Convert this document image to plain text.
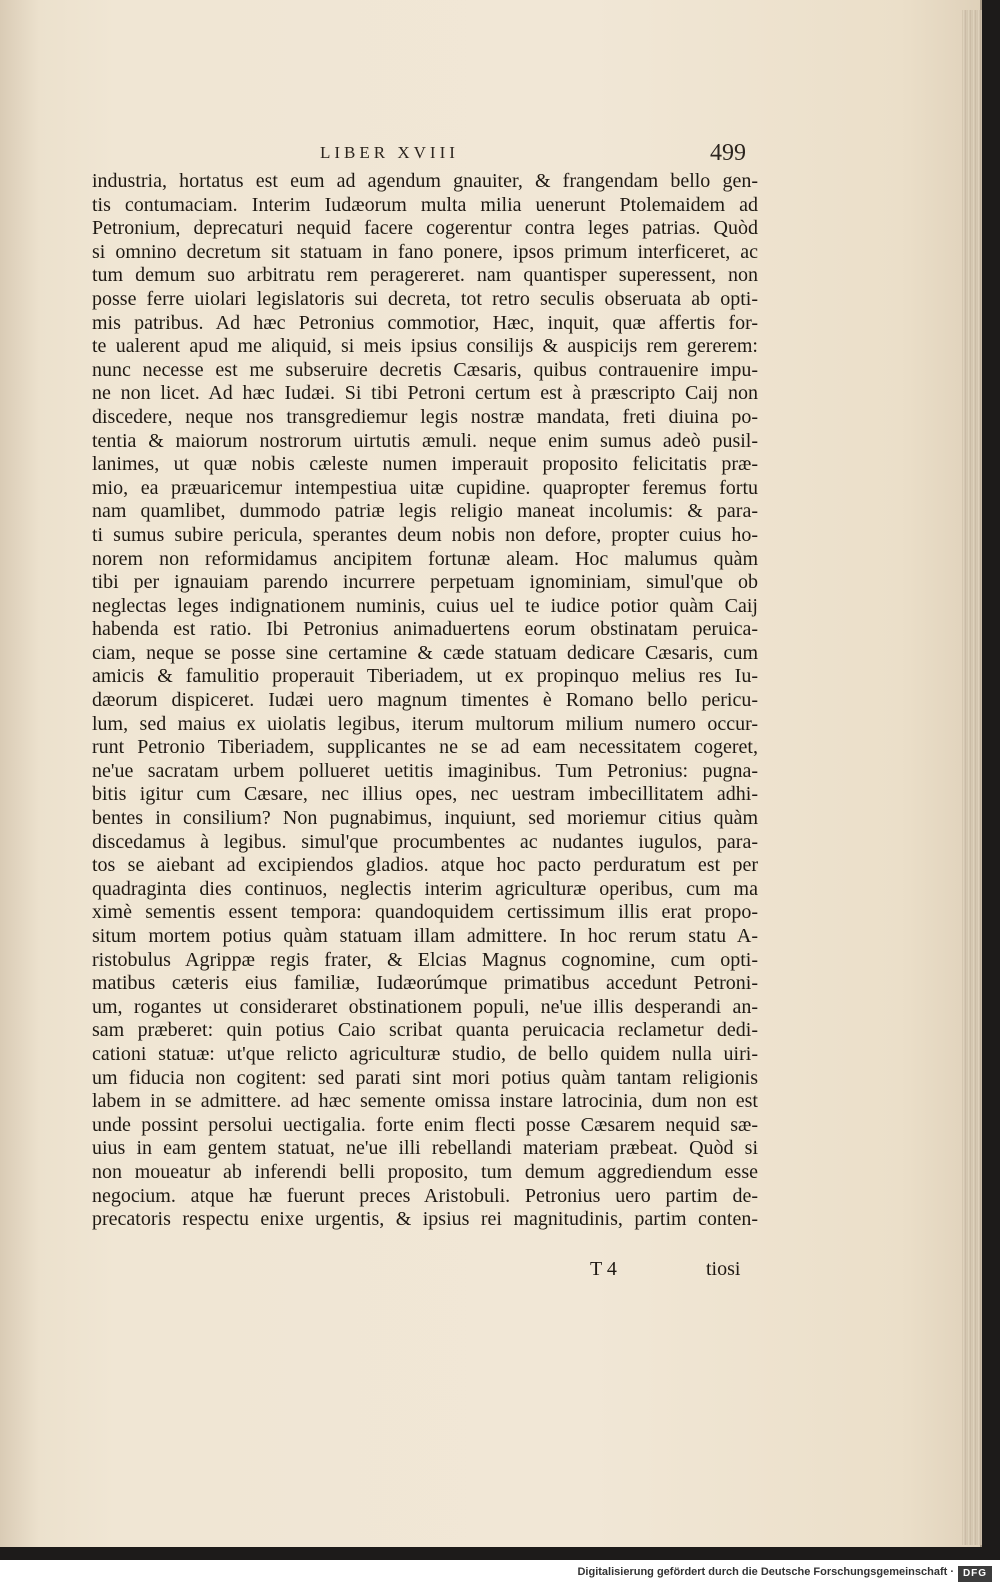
LIBER XVIII	499
industria, hortatus est eum ad agendum gnauiter, & frangendam bello gen-
tis contumaciam. Interim Iudæorum multa milia uenerunt Ptolemaidem ad
Petronium, deprecaturi nequid facere cogerentur contra leges patrias. Quòd
si omnino decretum sit statuam in fano ponere, ipsos primum interficeret, ac
tum demum suo arbitratu rem peragereret. nam quantisper superessent, non
posse ferre uiolari legislatoris sui decreta, tot retro seculis obseruata ab opti-
mis patribus. Ad hæc Petronius commotior, Hæc, inquit, quæ affertis for-
te ualerent apud me aliquid, si meis ipsius consilijs & auspicijs rem gererem:
nunc necesse est me subseruire decretis Cæsaris, quibus contrauenire impu-
ne non licet. Ad hæc Iudæi. Si tibi Petroni certum est à præscripto Caij non
discedere, neque nos transgrediemur legis nostræ mandata, freti diuina po-
tentia & maiorum nostrorum uirtutis æmuli. neque enim sumus adeò pusil-
lanimes, ut quæ nobis cæleste numen imperauit proposito felicitatis præ-
mio, ea præuaricemur intempestiua uitæ cupidine. quapropter feremus fortu
nam quamlibet, dummodo patriæ legis religio maneat incolumis: & para-
ti sumus subire pericula, sperantes deum nobis non defore, propter cuius ho-
norem non reformidamus ancipitem fortunæ aleam. Hoc malumus quàm
tibi per ignauiam parendo incurrere perpetuam ignominiam, simul'que ob
neglectas leges indignationem numinis, cuius uel te iudice potior quàm Caij
habenda est ratio. Ibi Petronius animaduertens eorum obstinatam peruica-
ciam, neque se posse sine certamine & cæde statuam dedicare Cæsaris, cum
amicis & famulitio properauit Tiberiadem, ut ex propinquo melius res Iu-
dæorum dispiceret. Iudæi uero magnum timentes è Romano bello pericu-
lum, sed maius ex uiolatis legibus, iterum multorum milium numero occur-
runt Petronio Tiberiadem, supplicantes ne se ad eam necessitatem cogeret,
ne'ue sacratam urbem pollueret uetitis imaginibus. Tum Petronius: pugna-
bitis igitur cum Cæsare, nec illius opes, nec uestram imbecillitatem adhi-
bentes in consilium? Non pugnabimus, inquiunt, sed moriemur citius quàm
discedamus à legibus. simul'que procumbentes ac nudantes iugulos, para-
tos se aiebant ad excipiendos gladios. atque hoc pacto perduratum est per
quadraginta dies continuos, neglectis interim agriculturæ operibus, cum ma
ximè sementis essent tempora: quandoquidem certissimum illis erat propo-
situm mortem potius quàm statuam illam admittere. In hoc rerum statu A-
ristobulus Agrippæ regis frater, & Elcias Magnus cognomine, cum opti-
matibus cæteris eius familiæ, Iudæorúmque primatibus accedunt Petroni-
um, rogantes ut consideraret obstinationem populi, ne'ue illis desperandi an-
sam præberet: quin potius Caio scribat quanta peruicacia reclametur dedi-
cationi statuæ: ut'que relicto agriculturæ studio, de bello quidem nulla uiri-
um fiducia non cogitent: sed parati sint mori potius quàm tantam religionis
labem in se admittere. ad hæc semente omissa instare latrocinia, dum non est
unde possint persolui uectigalia. forte enim flecti posse Cæsarem nequid sæ-
uius in eam gentem statuat, ne'ue illi rebellandi materiam præbeat. Quòd si
non moueatur ab inferendi belli proposito, tum demum aggrediendum esse
negocium. atque hæ fuerunt preces Aristobuli. Petronius uero partim de-
precatoris respectu enixe urgentis, & ipsius rei magnitudinis, partim conten-
T 4	tiosi
Digitalisierung gefördert durch die Deutsche Forschungsgemeinschaft · DFG
